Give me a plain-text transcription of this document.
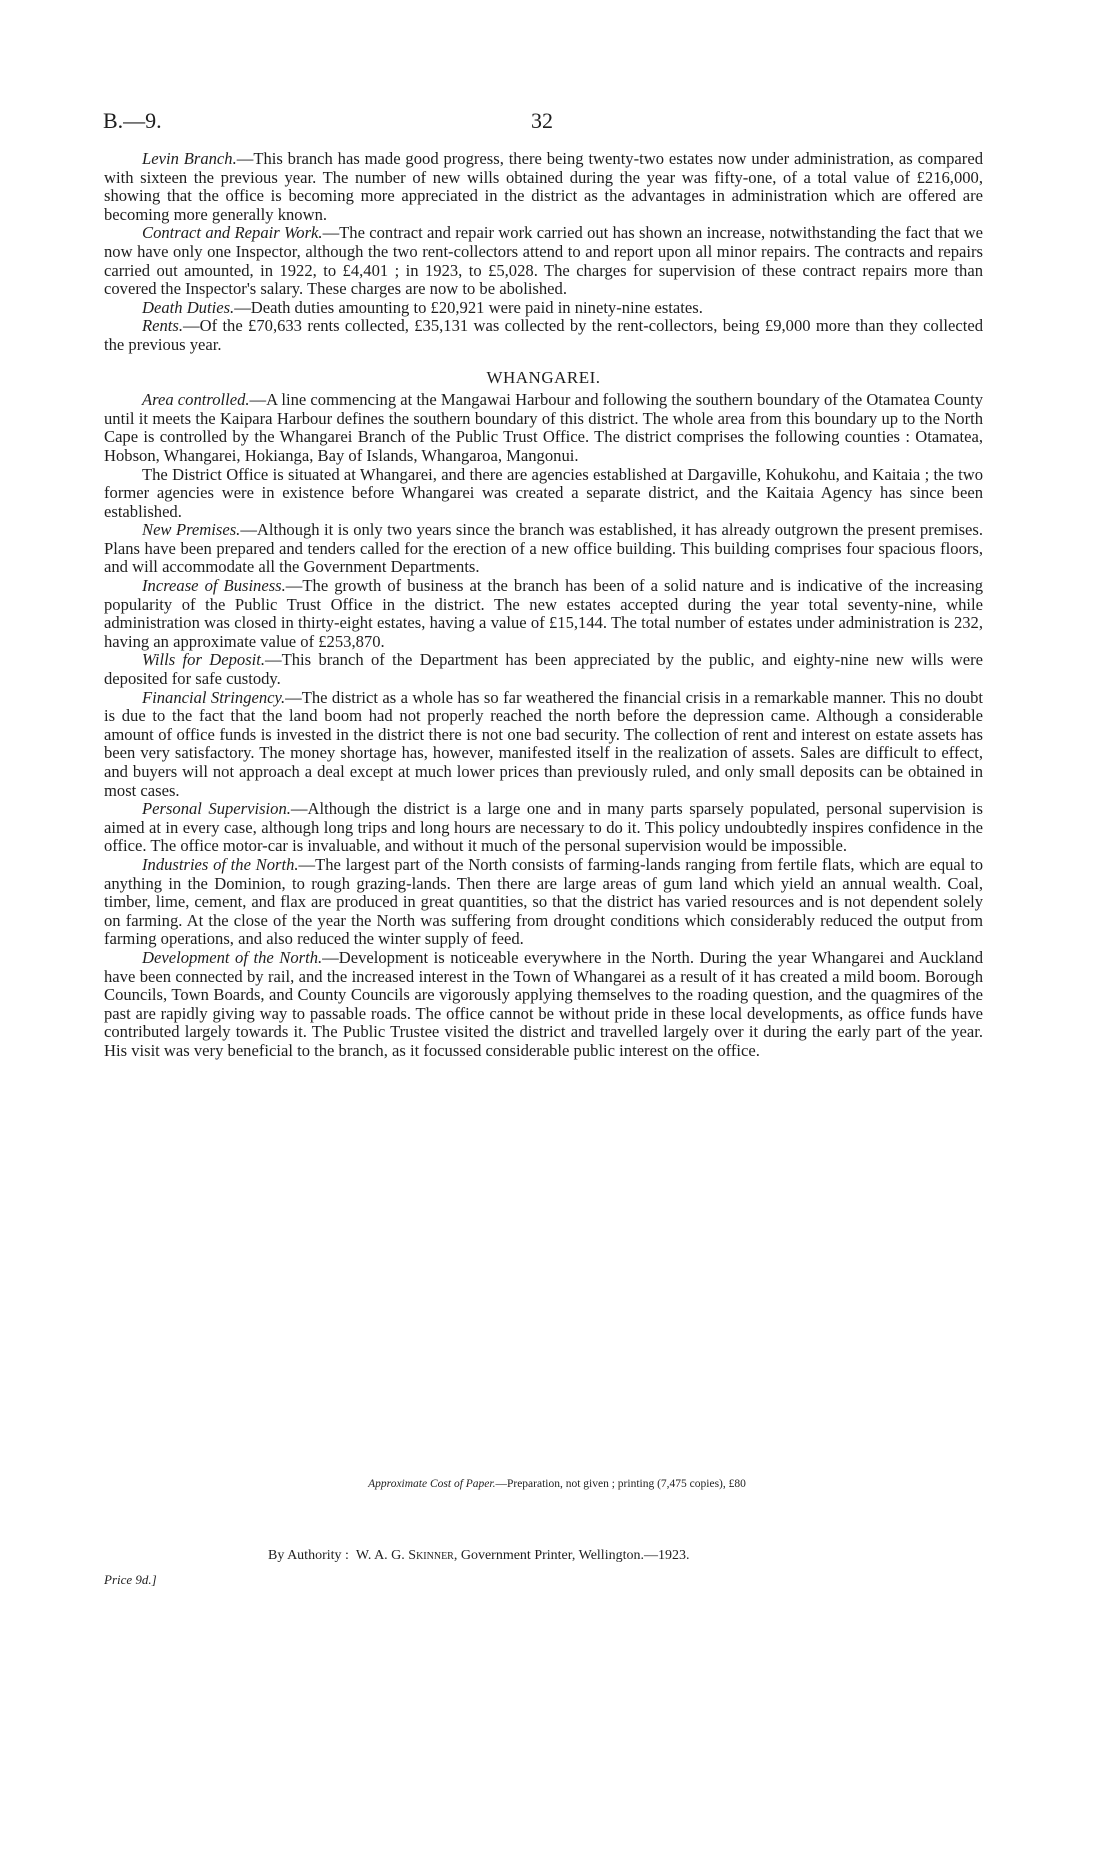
B.—9.	32

Levin Branch.—This branch has made good progress, there being twenty-two estates now under administration, as compared with sixteen the previous year. The number of new wills obtained during the year was fifty-one, of a total value of £216,000, showing that the office is becoming more appreciated in the district as the advantages in administration which are offered are becoming more generally known.

Contract and Repair Work.—The contract and repair work carried out has shown an increase, notwithstanding the fact that we now have only one Inspector, although the two rent-collectors attend to and report upon all minor repairs. The contracts and repairs carried out amounted, in 1922, to £4,401 ; in 1923, to £5,028. The charges for supervision of these contract repairs more than covered the Inspector's salary. These charges are now to be abolished.

Death Duties.—Death duties amounting to £20,921 were paid in ninety-nine estates.

Rents.—Of the £70,633 rents collected, £35,131 was collected by the rent-collectors, being £9,000 more than they collected the previous year.

WHANGAREI.

Area controlled.—A line commencing at the Mangawai Harbour and following the southern boundary of the Otamatea County until it meets the Kaipara Harbour defines the southern boundary of this district. The whole area from this boundary up to the North Cape is controlled by the Whangarei Branch of the Public Trust Office. The district comprises the following counties : Otamatea, Hobson, Whangarei, Hokianga, Bay of Islands, Whangaroa, Mangonui.

The District Office is situated at Whangarei, and there are agencies established at Dargaville, Kohukohu, and Kaitaia ; the two former agencies were in existence before Whangarei was created a separate district, and the Kaitaia Agency has since been established.

New Premises.—Although it is only two years since the branch was established, it has already outgrown the present premises. Plans have been prepared and tenders called for the erection of a new office building. This building comprises four spacious floors, and will accommodate all the Government Departments.

Increase of Business.—The growth of business at the branch has been of a solid nature and is indicative of the increasing popularity of the Public Trust Office in the district. The new estates accepted during the year total seventy-nine, while administration was closed in thirty-eight estates, having a value of £15,144. The total number of estates under administration is 232, having an approximate value of £253,870.

Wills for Deposit.—This branch of the Department has been appreciated by the public, and eighty-nine new wills were deposited for safe custody.

Financial Stringency.—The district as a whole has so far weathered the financial crisis in a remarkable manner. This no doubt is due to the fact that the land boom had not properly reached the north before the depression came. Although a considerable amount of office funds is invested in the district there is not one bad security. The collection of rent and interest on estate assets has been very satisfactory. The money shortage has, however, manifested itself in the realization of assets. Sales are difficult to effect, and buyers will not approach a deal except at much lower prices than previously ruled, and only small deposits can be obtained in most cases.

Personal Supervision.—Although the district is a large one and in many parts sparsely populated, personal supervision is aimed at in every case, although long trips and long hours are necessary to do it. This policy undoubtedly inspires confidence in the office. The office motor-car is invaluable, and without it much of the personal supervision would be impossible.

Industries of the North.—The largest part of the North consists of farming-lands ranging from fertile flats, which are equal to anything in the Dominion, to rough grazing-lands. Then there are large areas of gum land which yield an annual wealth. Coal, timber, lime, cement, and flax are produced in great quantities, so that the district has varied resources and is not dependent solely on farming. At the close of the year the North was suffering from drought conditions which considerably reduced the output from farming operations, and also reduced the winter supply of feed.

Development of the North.—Development is noticeable everywhere in the North. During the year Whangarei and Auckland have been connected by rail, and the increased interest in the Town of Whangarei as a result of it has created a mild boom. Borough Councils, Town Boards, and County Councils are vigorously applying themselves to the roading question, and the quagmires of the past are rapidly giving way to passable roads. The office cannot be without pride in these local developments, as office funds have contributed largely towards it. The Public Trustee visited the district and travelled largely over it during the early part of the year. His visit was very beneficial to the branch, as it focussed considerable public interest on the office.

Approximate Cost of Paper.—Preparation, not given ; printing (7,475 copies), £80
By Authority : W. A. G. Skinner, Government Printer, Wellington.—1923.
Price 9d.]
